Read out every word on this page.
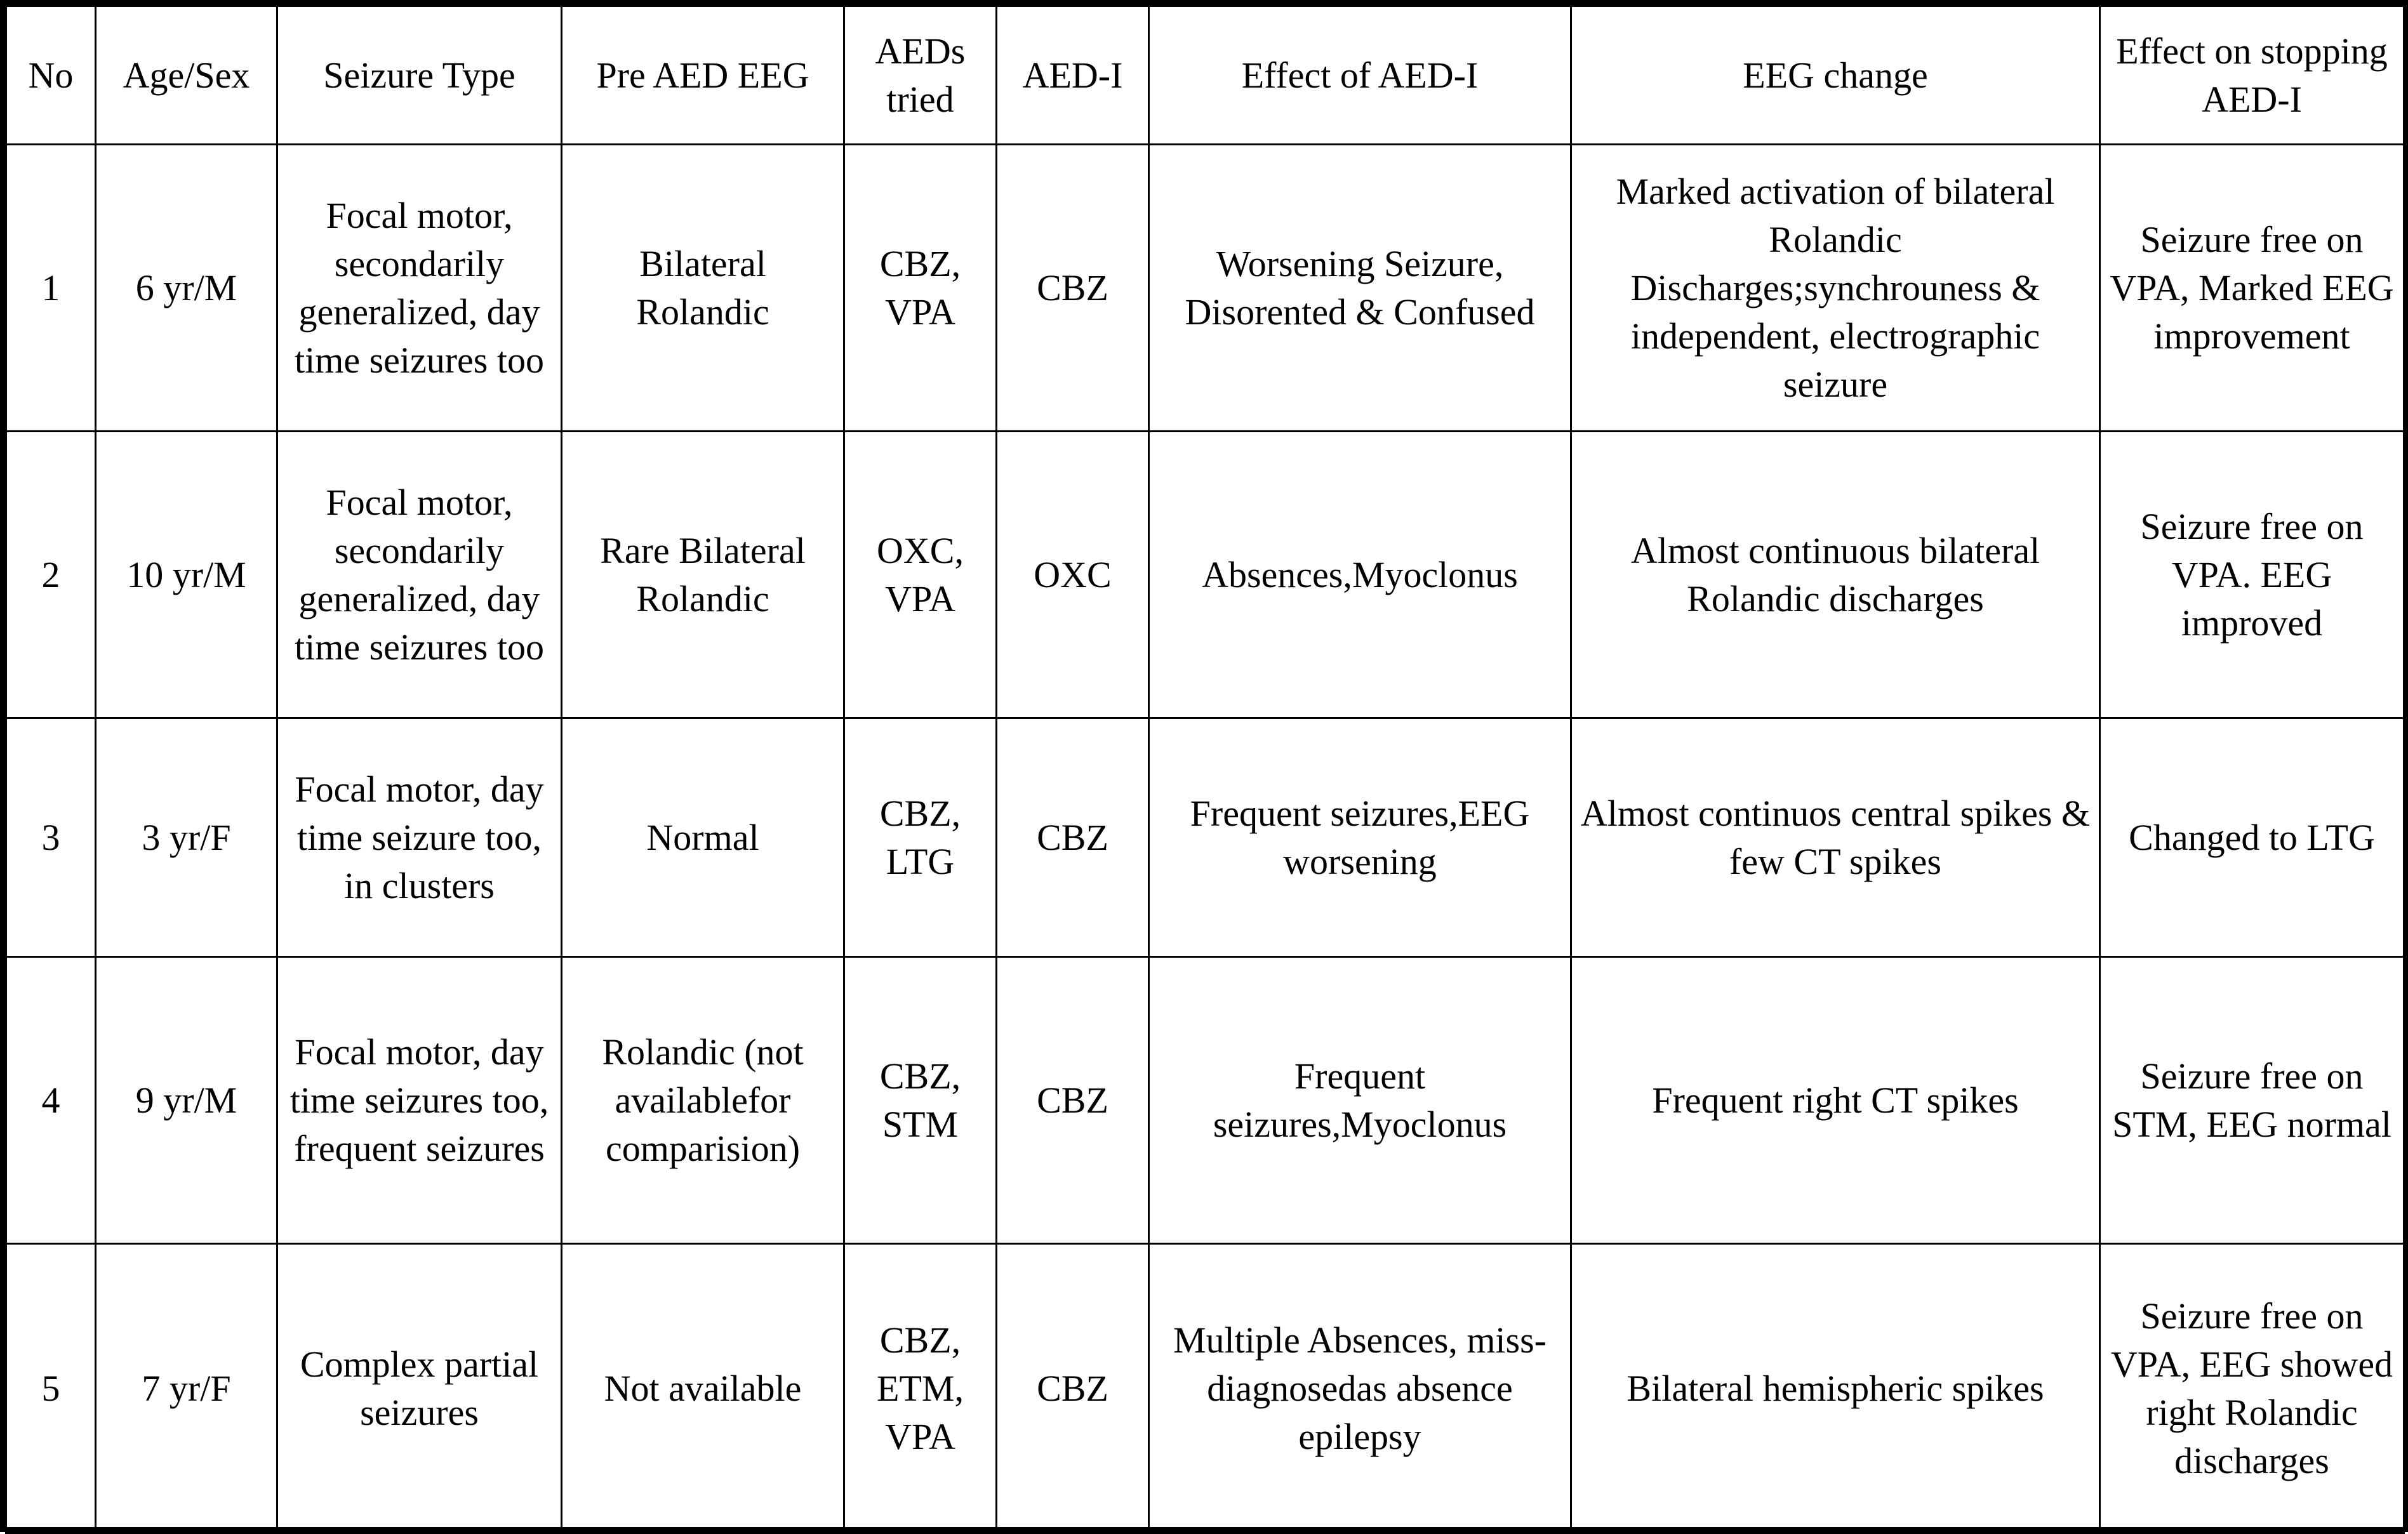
No	Age/Sex	Seizure Type	Pre AED EEG	AEDs tried	AED-I	Effect of AED-I	EEG change	Effect on stopping AED-I
1	6 yr/M	Focal motor, secondarily generalized, day time seizures too	Bilateral Rolandic	CBZ, VPA	CBZ	Worsening Seizure, Disorented & Confused	Marked activation of bilateral Rolandic Discharges;synchrouness & independent, electrographic seizure	Seizure free on VPA, Marked EEG improvement
2	10 yr/M	Focal motor, secondarily generalized, day time seizures too	Rare Bilateral Rolandic	OXC, VPA	OXC	Absences,Myoclonus	Almost continuous bilateral Rolandic discharges	Seizure free on VPA. EEG improved
3	3 yr/F	Focal motor, day time seizure too, in clusters	Normal	CBZ, LTG	CBZ	Frequent seizures,EEG worsening	Almost continuos central spikes & few CT spikes	Changed to LTG
4	9 yr/M	Focal motor, day time seizures too, frequent seizures	Rolandic (not availablefor comparision)	CBZ, STM	CBZ	Frequent seizures,Myoclonus	Frequent right CT spikes	Seizure free on STM, EEG normal
5	7 yr/F	Complex partial seizures	Not available	CBZ, ETM, VPA	CBZ	Multiple Absences, miss-diagnosedas absence epilepsy	Bilateral hemispheric spikes	Seizure free on VPA, EEG showed right Rolandic discharges
